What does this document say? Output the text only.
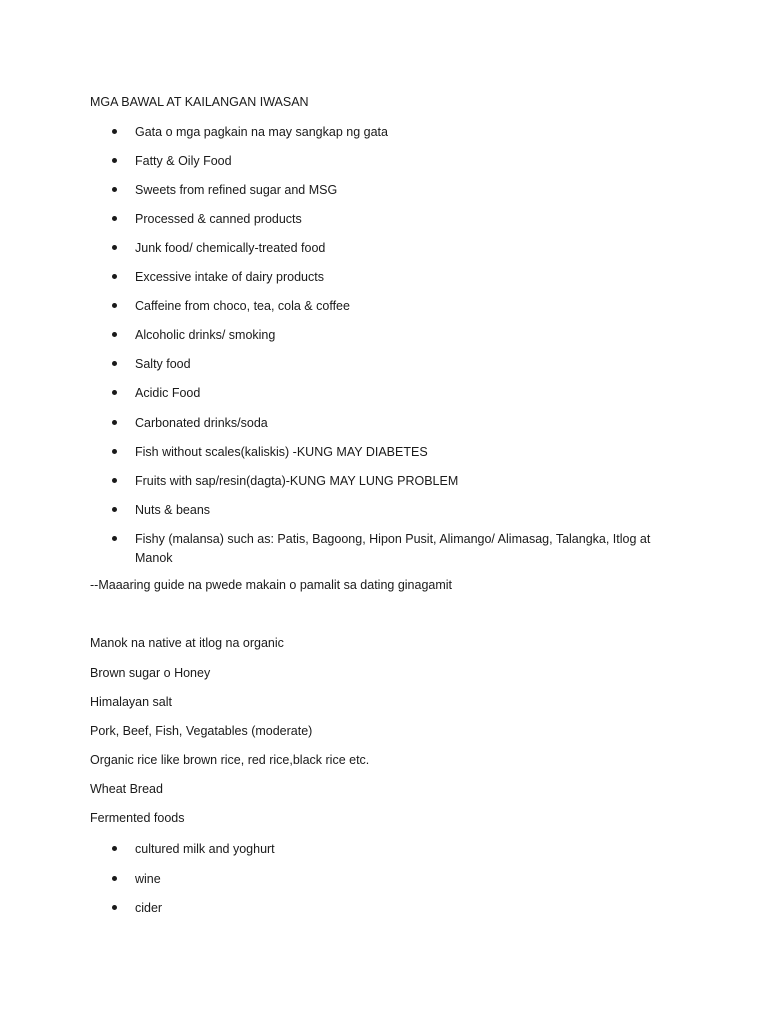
MGA BAWAL AT KAILANGAN IWASAN
Gata o mga pagkain na may sangkap ng gata
Fatty & Oily Food
Sweets from refined sugar and MSG
Processed & canned products
Junk food/ chemically-treated food
Excessive intake of dairy products
Caffeine from choco, tea, cola & coffee
Alcoholic drinks/ smoking
Salty food
Acidic Food
Carbonated drinks/soda
Fish without scales(kaliskis) -KUNG MAY DIABETES
Fruits with sap/resin(dagta)-KUNG MAY LUNG PROBLEM
Nuts & beans
Fishy (malansa) such as: Patis, Bagoong, Hipon Pusit, Alimango/ Alimasag, Talangka, Itlog at Manok
--Maaaring guide na pwede makain o pamalit sa dating ginagamit
Manok na native at itlog na organic
Brown sugar o Honey
Himalayan salt
Pork, Beef, Fish, Vegatables (moderate)
Organic rice like brown rice, red rice,black rice etc.
Wheat Bread
Fermented foods
cultured milk and yoghurt
wine
cider
